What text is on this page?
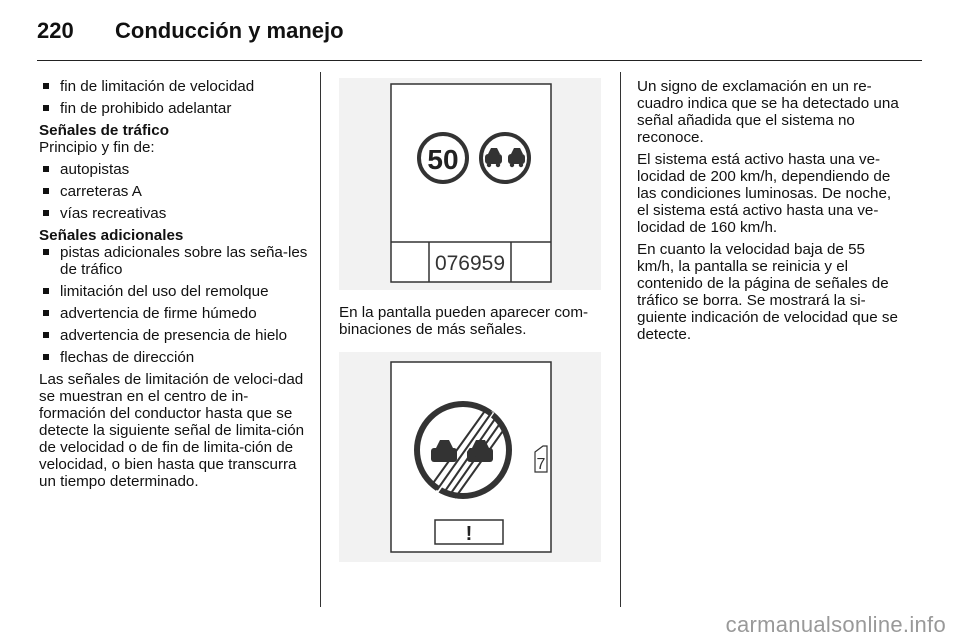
220 Conducción y manejo
fin de limitación de velocidad
fin de prohibido adelantar
Señales de tráfico

Principio y fin de:

autopistas
carreteras A
vías recreativas
Señales adicionales
pistas adicionales sobre las seña-les de tráfico
limitación del uso del remolque
advertencia de firme húmedo
advertencia de presencia de hielo
flechas de dirección

Las señales de limitación de veloci-dad se muestran en el centro de in-formación del conductor hasta que se detecte la siguiente señal de limita-ción de velocidad o de fin de limita-ción de velocidad, o bien hasta que transcurra un tiempo determinado.

50
076959

En la pantalla pueden aparecer com-binaciones de más señales.

7
!

Un signo de exclamación en un re-cuadro indica que se ha detectado una señal añadida que el sistema no reconoce.

El sistema está activo hasta una ve-locidad de 200 km/h, dependiendo de las condiciones luminosas. De noche, el sistema está activo hasta una ve-locidad de 160 km/h.

En cuanto la velocidad baja de 55 km/h, la pantalla se reinicia y el contenido de la página de señales de tráfico se borra. Se mostrará la si-guiente indicación de velocidad que se detecte.

carmanualsonline.info
